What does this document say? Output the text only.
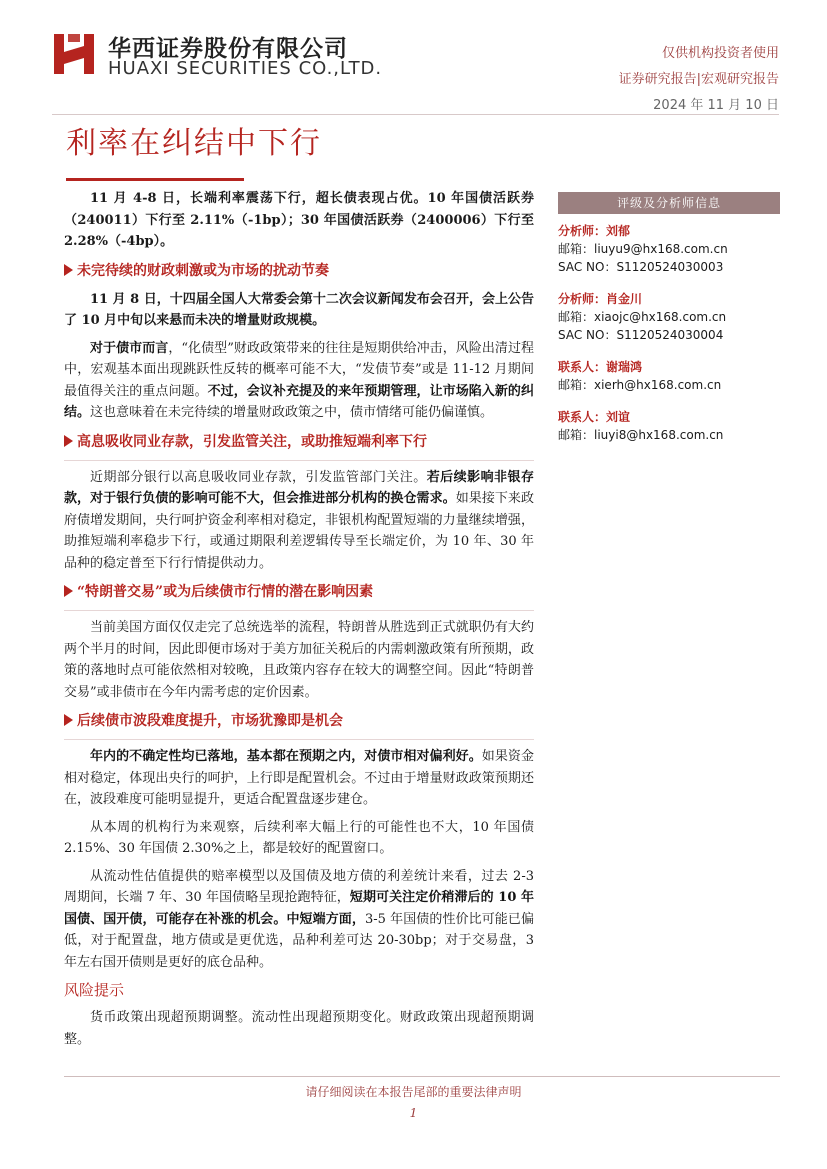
华西证券股份有限公司
HUAXI SECURITIES CO.,LTD.
仅供机构投资者使用
证券研究报告|宏观研究报告
2024 年 11 月 10 日
利率在纠结中下行

11 月 4-8 日，长端利率震荡下行，超长债表现占优。10 年国债活跃券（240011）下行至 2.11%（-1bp）；30 年国债活跃券（2400006）下行至 2.28%（-4bp）。

未完待续的财政刺激或为市场的扰动节奏

11 月 8 日，十四届全国人大常委会第十二次会议新闻发布会召开，会上公告了 10 月中旬以来悬而未决的增量财政规模。

对于债市而言，“化债型”财政政策带来的往往是短期供给冲击，风险出清过程中，宏观基本面出现跳跃性反转的概率可能不大，“发债节奏”或是 11-12 月期间最值得关注的重点问题。不过，会议补充提及的来年预期管理，让市场陷入新的纠结。这也意味着在未完待续的增量财政政策之中，债市情绪可能仍偏谨慎。

高息吸收同业存款，引发监管关注，或助推短端利率下行

近期部分银行以高息吸收同业存款，引发监管部门关注。若后续影响非银存款，对于银行负债的影响可能不大，但会推进部分机构的换仓需求。如果接下来政府债增发期间，央行呵护资金利率相对稳定，非银机构配置短端的力量继续增强，助推短端利率稳步下行，或通过期限利差逻辑传导至长端定价，为 10 年、30 年品种的稳定普至下行行情提供动力。

“特朗普交易”或为后续债市行情的潜在影响因素

当前美国方面仅仅走完了总统选举的流程，特朗普从胜选到正式就职仍有大约两个半月的时间，因此即便市场对于美方加征关税后的内需刺激政策有所预期，政策的落地时点可能依然相对较晚，且政策内容存在较大的调整空间。因此“特朗普交易”或非债市在今年内需考虑的定价因素。

后续债市波段难度提升，市场犹豫即是机会

年内的不确定性均已落地，基本都在预期之内，对债市相对偏利好。如果资金相对稳定，体现出央行的呵护，上行即是配置机会。不过由于增量财政政策预期还在，波段难度可能明显提升，更适合配置盘逐步建仓。

从本周的机构行为来观察，后续利率大幅上行的可能性也不大，10 年国债 2.15%、30 年国债 2.30%之上，都是较好的配置窗口。

从流动性估值提供的赔率模型以及国债及地方债的利差统计来看，过去 2-3 周期间，长端 7 年、30 年国债略呈现抢跑特征，短期可关注定价稍滞后的 10 年国债、国开债，可能存在补涨的机会。中短端方面，3-5 年国债的性价比可能已偏低，对于配置盘，地方债或是更优选，品种利差可达 20-30bp；对于交易盘，3 年左右国开债则是更好的底仓品种。

风险提示

货币政策出现超预期调整。流动性出现超预期变化。财政政策出现超预期调整。

评级及分析师信息
分析师：刘郁
邮箱：liuyu9@hx168.com.cn
SAC NO：S1120524030003
分析师：肖金川
邮箱：xiaojc@hx168.com.cn
SAC NO：S1120524030004
联系人：谢瑞鸿
邮箱：xierh@hx168.com.cn
联系人：刘谊
邮箱：liuyi8@hx168.com.cn
请仔细阅读在本报告尾部的重要法律声明
1
